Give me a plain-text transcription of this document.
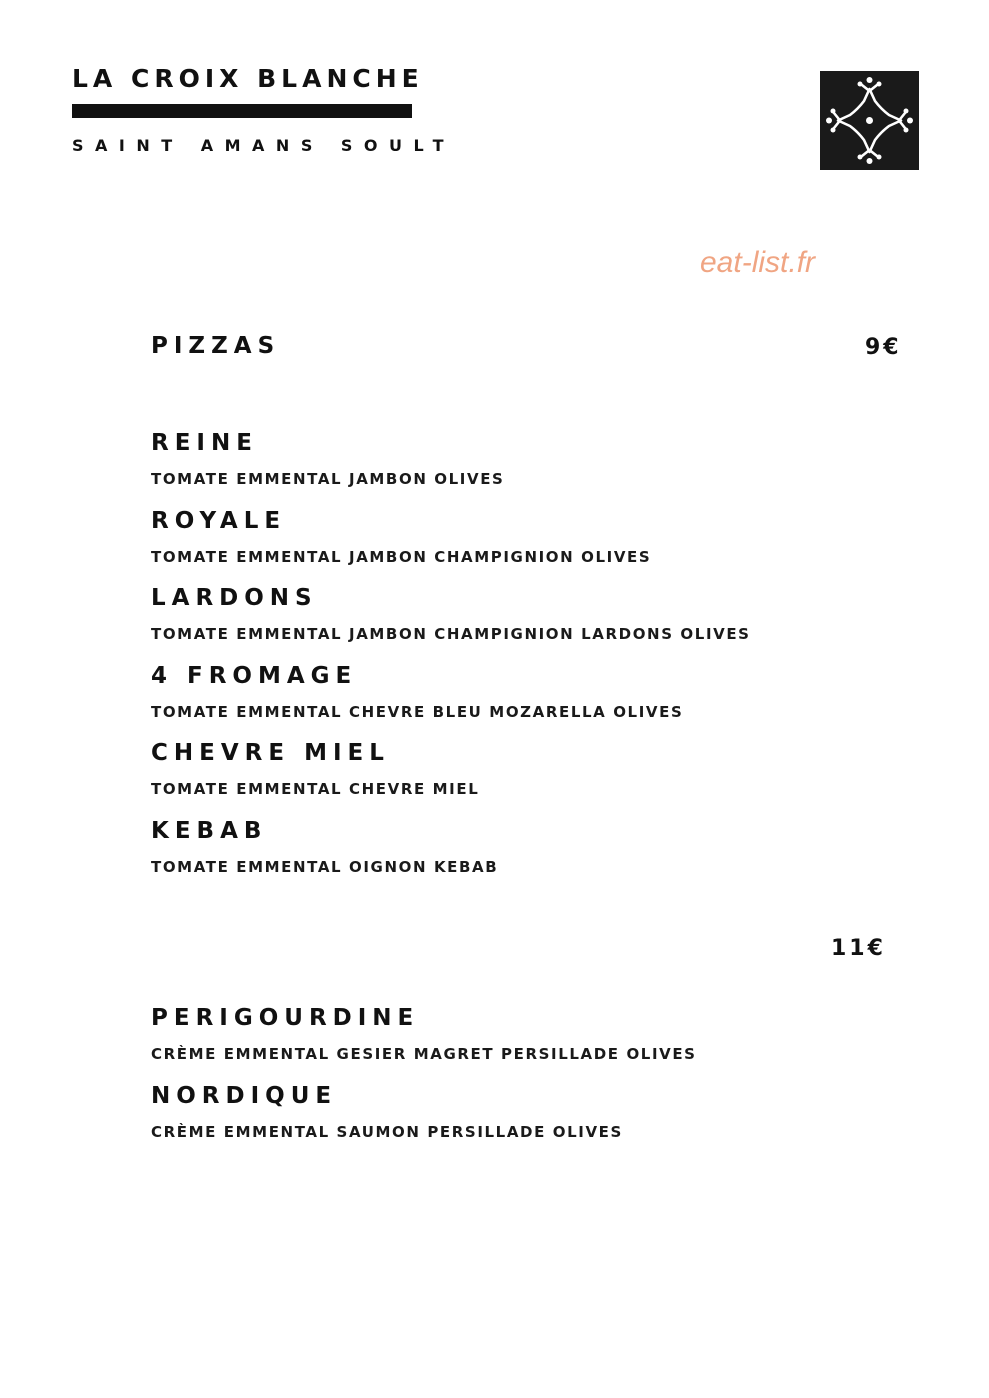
LA CROIX BLANCHE
SAINT AMANS SOULT
eat-list.fr
PIZZAS	9€
REINE
TOMATE EMMENTAL JAMBON OLIVES
ROYALE
TOMATE EMMENTAL JAMBON CHAMPIGNION OLIVES
LARDONS
TOMATE EMMENTAL JAMBON CHAMPIGNION LARDONS OLIVES
4 FROMAGE
TOMATE EMMENTAL CHEVRE BLEU MOZARELLA OLIVES
CHEVRE MIEL
TOMATE EMMENTAL CHEVRE MIEL
KEBAB
TOMATE EMMENTAL OIGNON KEBAB
11€
PERIGOURDINE
CRÈME EMMENTAL GESIER MAGRET PERSILLADE OLIVES
NORDIQUE
CRÈME EMMENTAL SAUMON PERSILLADE OLIVES
